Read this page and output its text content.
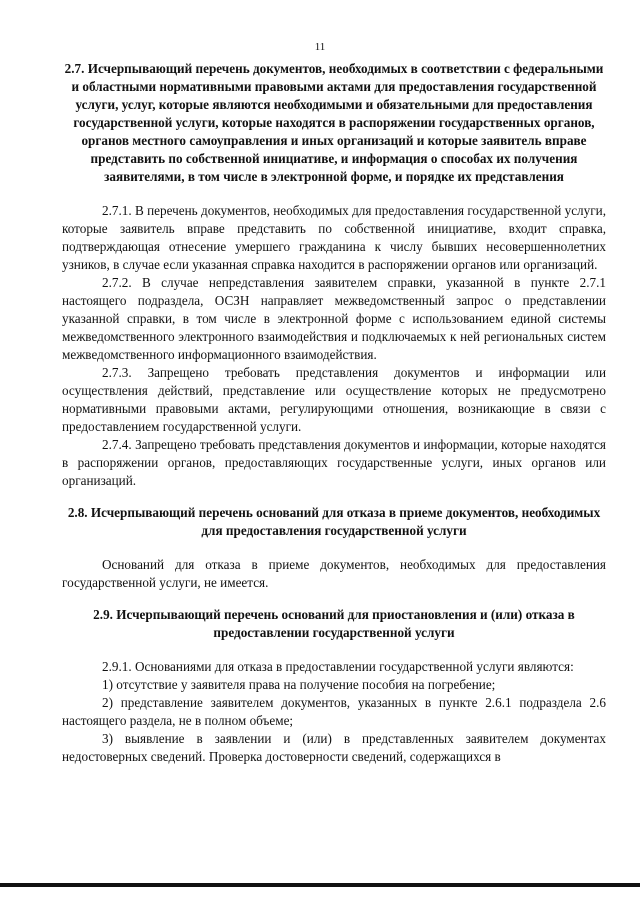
11
2.7. Исчерпывающий перечень документов, необходимых в соответствии с федеральными и областными нормативными правовыми актами для предоставления государственной услуги, услуг, которые являются необходимыми и обязательными для предоставления государственной услуги, которые находятся в распоряжении государственных органов, органов местного самоуправления и иных организаций и которые заявитель вправе представить по собственной инициативе, и информация о способах их получения заявителями, в том числе в электронной форме, и порядке их представления

2.7.1. В перечень документов, необходимых для предоставления государственной услуги, которые заявитель вправе представить по собственной инициативе, входит справка, подтверждающая отнесение умершего гражданина к числу бывших несовершеннолетних узников, в случае если указанная справка находится в распоряжении органов или организаций.

2.7.2. В случае непредставления заявителем справки, указанной в пункте 2.7.1 настоящего подраздела, ОСЗН направляет межведомственный запрос о представлении указанной справки, в том числе в электронной форме с использованием единой системы межведомственного электронного взаимодействия и подключаемых к ней региональных систем межведомственного информационного взаимодействия.

2.7.3. Запрещено требовать представления документов и информации или осуществления действий, представление или осуществление которых не предусмотрено нормативными правовыми актами, регулирующими отношения, возникающие в связи с предоставлением государственной услуги.

2.7.4. Запрещено требовать представления документов и информации, которые находятся в распоряжении органов, предоставляющих государственные услуги, иных органов или организаций.

2.8. Исчерпывающий перечень оснований для отказа в приеме документов, необходимых для предоставления государственной услуги

Оснований для отказа в приеме документов, необходимых для предоставления государственной услуги, не имеется.

2.9. Исчерпывающий перечень оснований для приостановления и (или) отказа в предоставлении государственной услуги

2.9.1. Основаниями для отказа в предоставлении государственной услуги являются:

1) отсутствие у заявителя права на получение пособия на погребение;

2) представление заявителем документов, указанных в пункте 2.6.1 подраздела 2.6 настоящего раздела, не в полном объеме;

3) выявление в заявлении и (или) в представленных заявителем документах недостоверных сведений. Проверка достоверности сведений, содержащихся в
